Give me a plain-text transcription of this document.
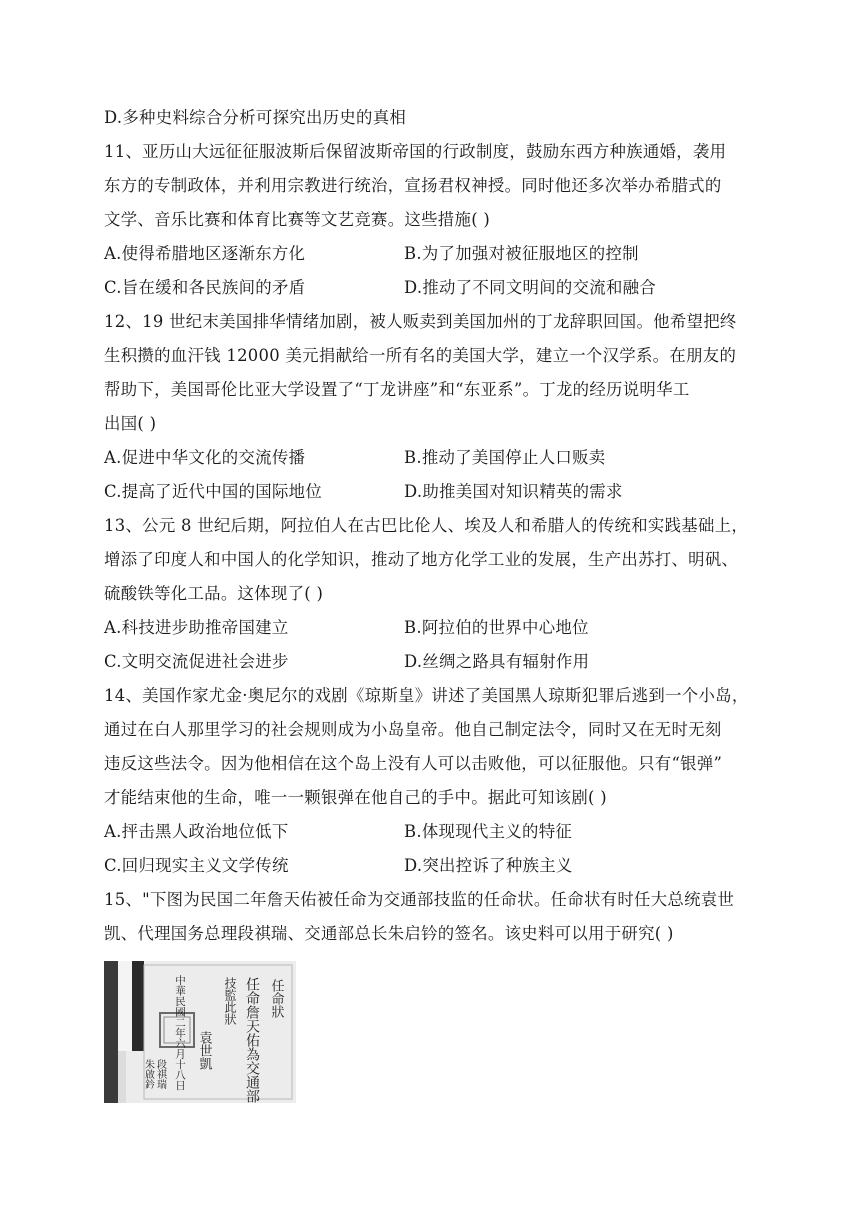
D.多种史料综合分析可探究出历史的真相
11、亚历山大远征征服波斯后保留波斯帝国的行政制度，鼓励东西方种族通婚，袭用
东方的专制政体，并利用宗教进行统治，宣扬君权神授。同时他还多次举办希腊式的
文学、音乐比赛和体育比赛等文艺竞赛。这些措施( )
A.使得希腊地区逐渐东方化	B.为了加强对被征服地区的控制
C.旨在缓和各民族间的矛盾	D.推动了不同文明间的交流和融合
12、19 世纪末美国排华情绪加剧，被人贩卖到美国加州的丁龙辞职回国。他希望把终
生积攒的血汗钱 12000 美元捐献给一所有名的美国大学，建立一个汉学系。在朋友的
帮助下，美国哥伦比亚大学设置了“丁龙讲座”和“东亚系”。丁龙的经历说明华工
出国( )
A.促进中华文化的交流传播	B.推动了美国停止人口贩卖
C.提高了近代中国的国际地位	D.助推美国对知识精英的需求
13、公元 8 世纪后期，阿拉伯人在古巴比伦人、埃及人和希腊人的传统和实践基础上，
增添了印度人和中国人的化学知识，推动了地方化学工业的发展，生产出苏打、明矾、
硫酸铁等化工品。这体现了( )
A.科技进步助推帝国建立	B.阿拉伯的世界中心地位
C.文明交流促进社会进步	D.丝绸之路具有辐射作用
14、美国作家尤金·奥尼尔的戏剧《琼斯皇》讲述了美国黑人琼斯犯罪后逃到一个小岛，
通过在白人那里学习的社会规则成为小岛皇帝。他自己制定法令，同时又在无时无刻
违反这些法令。因为他相信在这个岛上没有人可以击败他，可以征服他。只有“银弹”
才能结束他的生命，唯一一颗银弹在他自己的手中。据此可知该剧( )
A.抨击黑人政治地位低下	B.体现现代主义的特征
C.回归现实主义文学传统	D.突出控诉了种族主义
15、"下图为民国二年詹天佑被任命为交通部技监的任命状。任命状有时任大总统袁世
凯、代理国务总理段祺瑞、交通部总长朱启钤的签名。该史料可以用于研究( )
任命狀
任命詹天佑為交通部
技監此狀
中華民國二年六月十八日 袁世凱
段祺瑞
朱啟鈐
